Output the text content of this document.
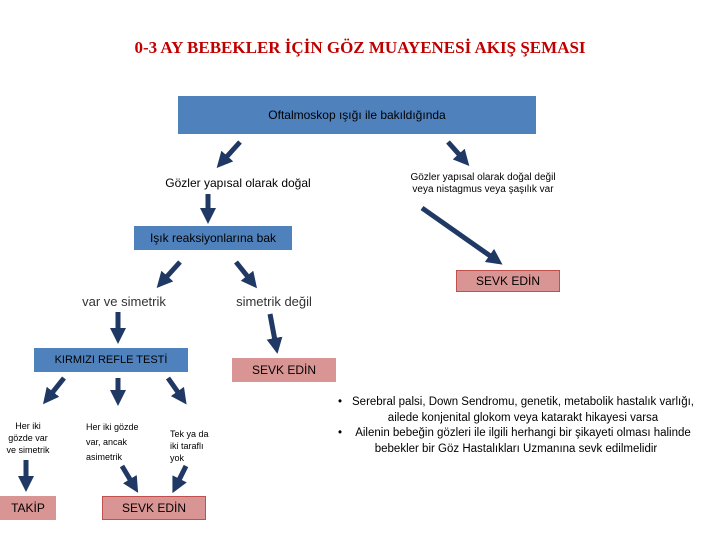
0-3 AY BEBEKLER İÇİN GÖZ MUAYENESİ AKIŞ ŞEMASI
Oftalmoskop ışığı ile bakıldığında
Gözler yapısal olarak doğal	Gözler yapısal olarak doğal değil
veya nistagmus veya şaşılık var
Işık reaksiyonlarına bak
SEVK EDİN
var ve simetrik	simetrik değil
KIRMIZI REFLE TESTİ
SEVK EDİN
Her iki gözde var ve simetrik
Her iki gözde var, ancak asimetrik
Tek ya da iki taraflı yok
TAKİP	SEVK EDİN
• Serebral palsi, Down Sendromu, genetik, metabolik hastalık varlığı, ailede konjenital glokom veya katarakt hikayesi varsa
• Ailenin bebeğin gözleri ile ilgili herhangi bir şikayeti olması halinde
bebekler bir Göz Hastalıkları Uzmanına sevk edilmelidir
